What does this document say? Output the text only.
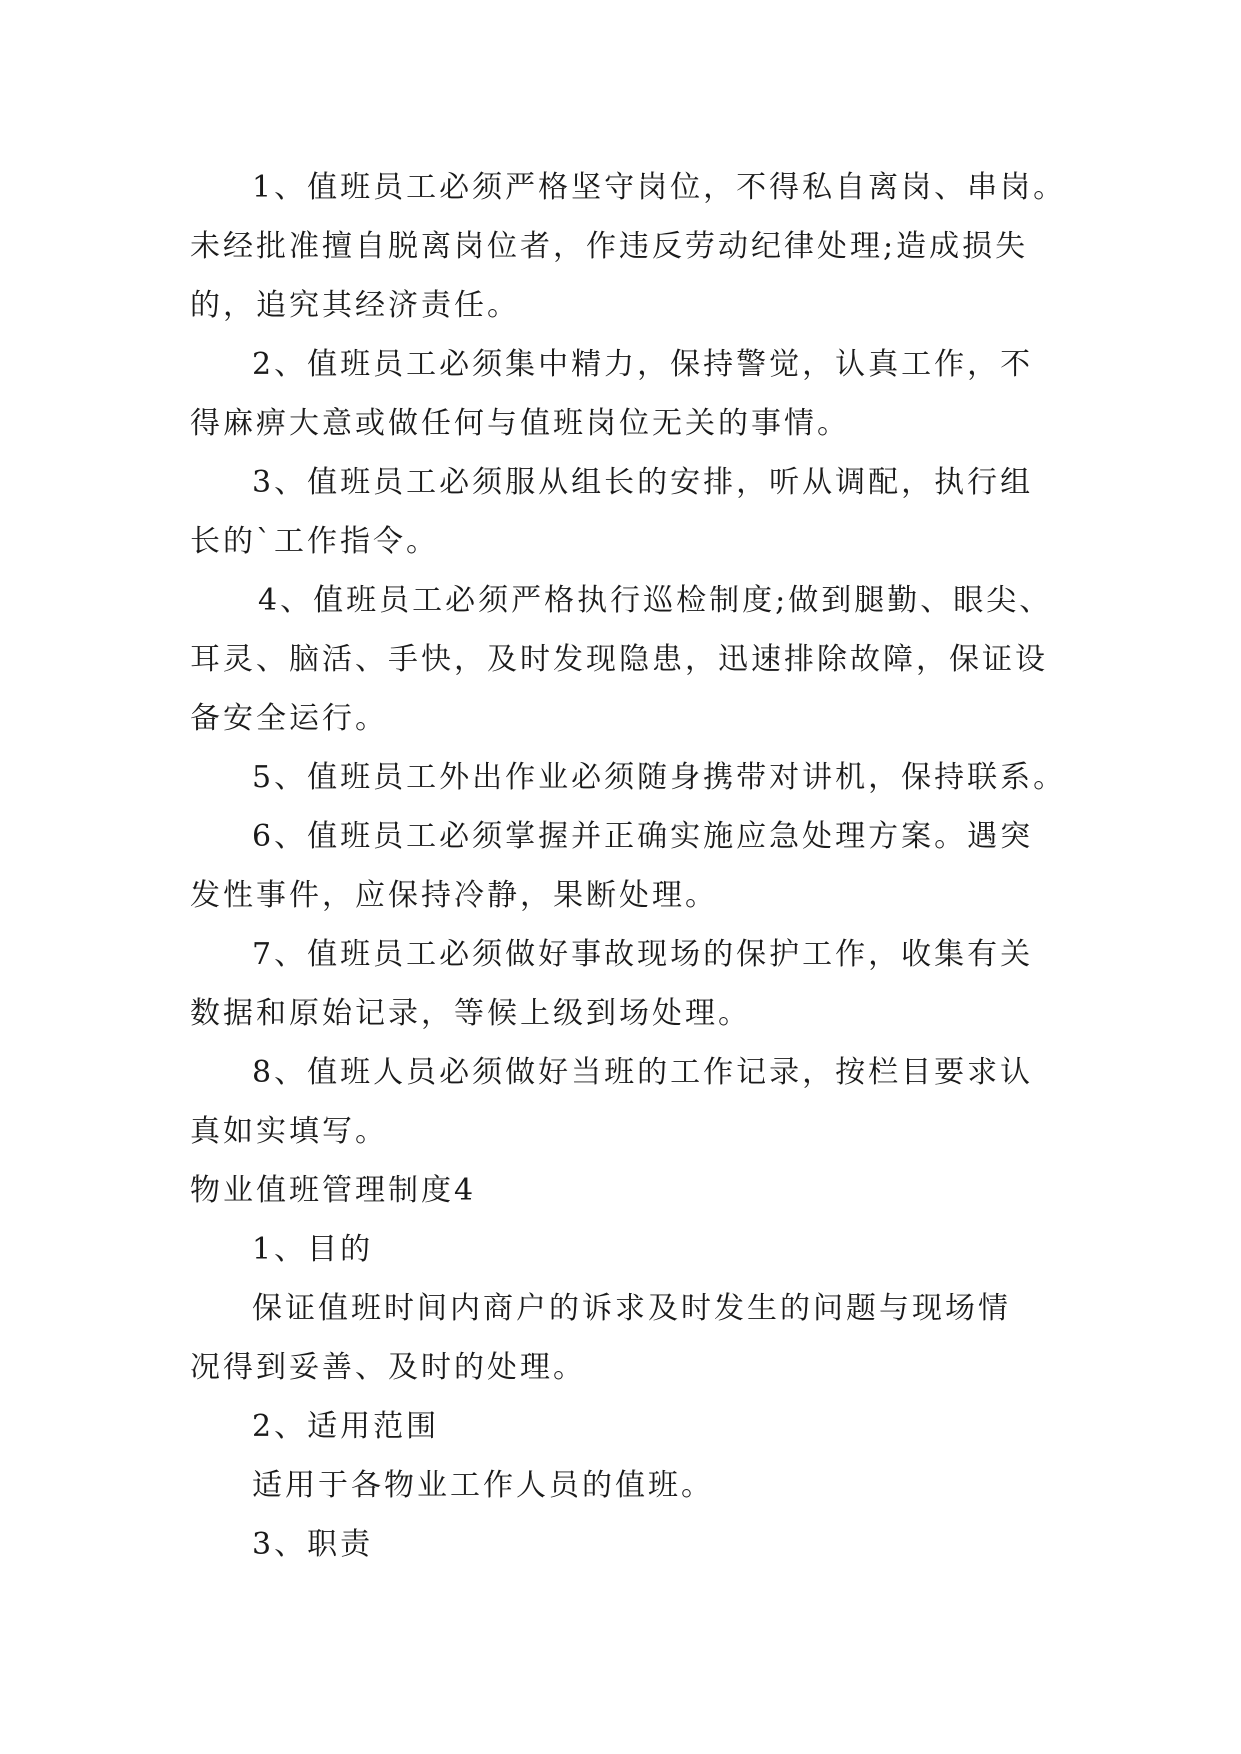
1、值班员工必须严格坚守岗位，不得私自离岗、串岗。
未经批准擅自脱离岗位者，作违反劳动纪律处理;造成损失
的，追究其经济责任。
2、值班员工必须集中精力，保持警觉，认真工作，不
得麻痹大意或做任何与值班岗位无关的事情。
3、值班员工必须服从组长的安排，听从调配，执行组
长的`工作指令。
4、值班员工必须严格执行巡检制度;做到腿勤、眼尖、
耳灵、脑活、手快，及时发现隐患，迅速排除故障，保证设
备安全运行。
5、值班员工外出作业必须随身携带对讲机，保持联系。
6、值班员工必须掌握并正确实施应急处理方案。遇突
发性事件，应保持冷静，果断处理。
7、值班员工必须做好事故现场的保护工作，收集有关
数据和原始记录，等候上级到场处理。
8、值班人员必须做好当班的工作记录，按栏目要求认
真如实填写。
物业值班管理制度4
1、目的
保证值班时间内商户的诉求及时发生的问题与现场情
况得到妥善、及时的处理。
2、适用范围
适用于各物业工作人员的值班。
3、职责
